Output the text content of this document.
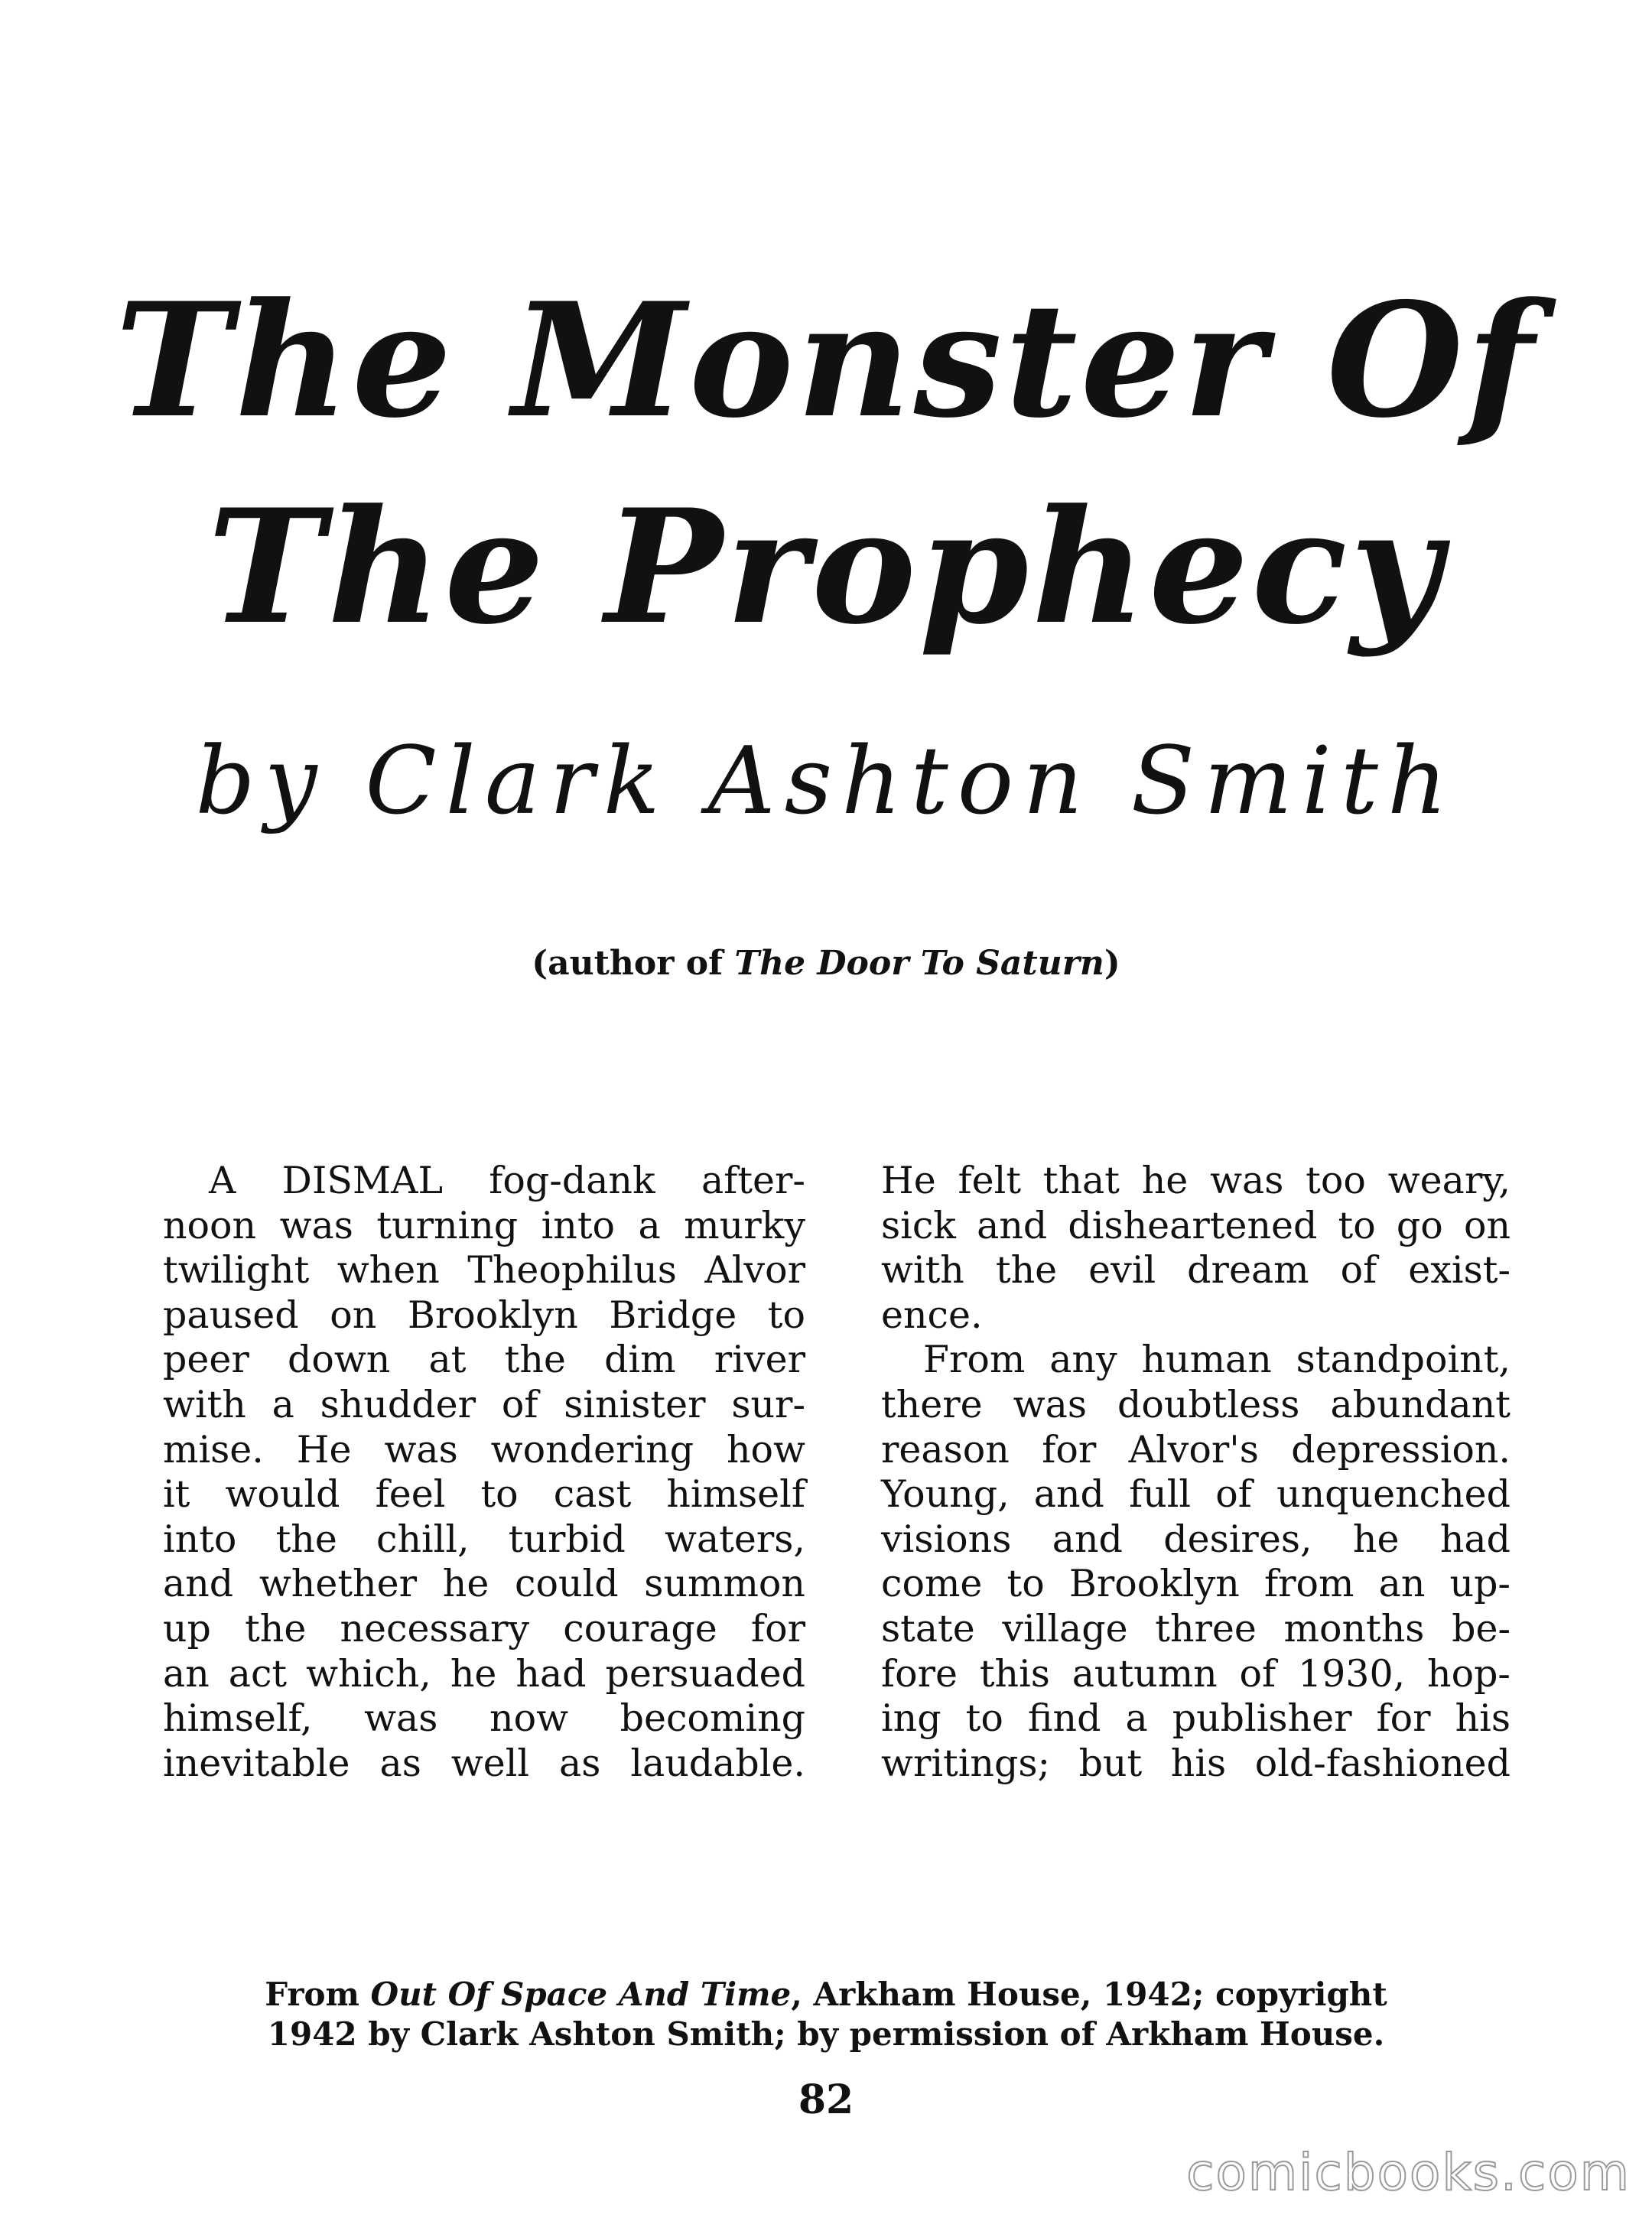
The Monster Of
The Prophecy
by Clark Ashton Smith
(author of The Door To Saturn)
A DISMAL fog-dank after-
noon was turning into a murky
twilight when Theophilus Alvor
paused on Brooklyn Bridge to
peer down at the dim river
with a shudder of sinister sur-
mise. He was wondering how
it would feel to cast himself
into the chill, turbid waters,
and whether he could summon
up the necessary courage for
an act which, he had persuaded
himself, was now becoming
inevitable as well as laudable.
He felt that he was too weary,
sick and disheartened to go on
with the evil dream of exist-
ence.
From any human standpoint,
there was doubtless abundant
reason for Alvor's depression.
Young, and full of unquenched
visions and desires, he had
come to Brooklyn from an up-
state village three months be-
fore this autumn of 1930, hop-
ing to find a publisher for his
writings; but his old-fashioned
From Out Of Space And Time, Arkham House, 1942; copyright
1942 by Clark Ashton Smith; by permission of Arkham House.
82
comicbooks.com
